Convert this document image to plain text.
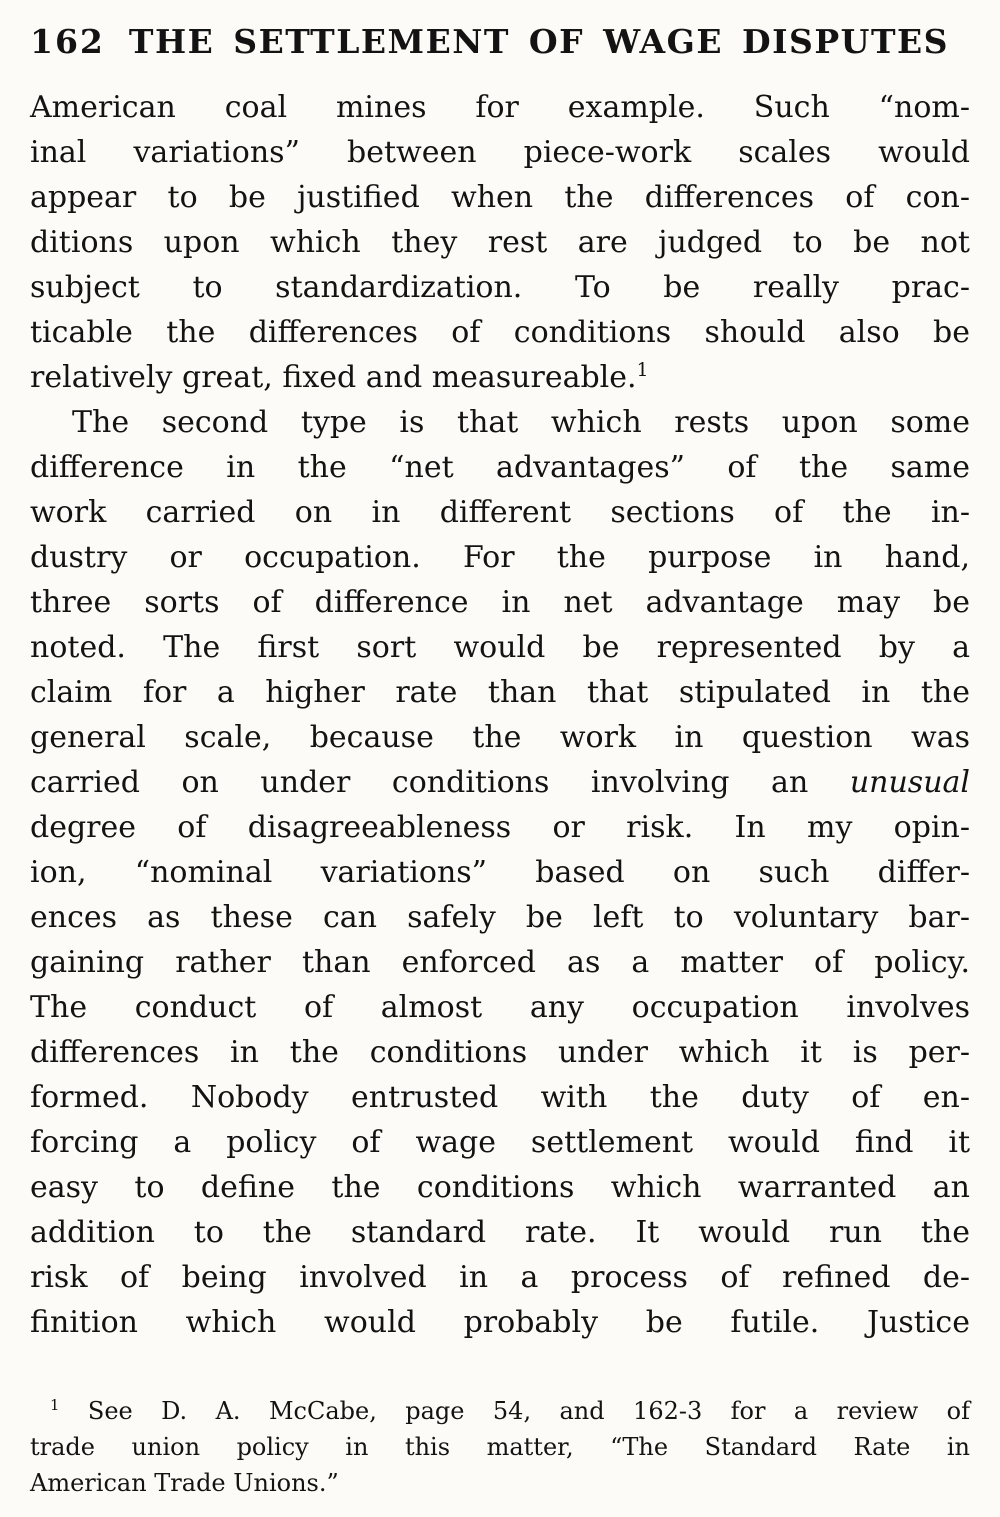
162 THE SETTLEMENT OF WAGE DISPUTES
American coal mines for example. Such “nom-
inal variations” between piece-work scales would
appear to be justified when the differences of con-
ditions upon which they rest are judged to be not
subject to standardization. To be really prac-
ticable the differences of conditions should also be
relatively great, fixed and measureable.$^1$
The second type is that which rests upon some
difference in the “net advantages” of the same
work carried on in different sections of the in-
dustry or occupation. For the purpose in hand,
three sorts of difference in net advantage may be
noted. The first sort would be represented by a
claim for a higher rate than that stipulated in the
general scale, because the work in question was
carried on under conditions involving an unusual
degree of disagreeableness or risk. In my opin-
ion, “nominal variations” based on such differ-
ences as these can safely be left to voluntary bar-
gaining rather than enforced as a matter of policy.
The conduct of almost any occupation involves
differences in the conditions under which it is per-
formed. Nobody entrusted with the duty of en-
forcing a policy of wage settlement would find it
easy to define the conditions which warranted an
addition to the standard rate. It would run the
risk of being involved in a process of refined de-
finition which would probably be futile. Justice
$^1$ See D. A. McCabe, page 54, and 162-3 for a review of
trade union policy in this matter, “The Standard Rate in
American Trade Unions.”
